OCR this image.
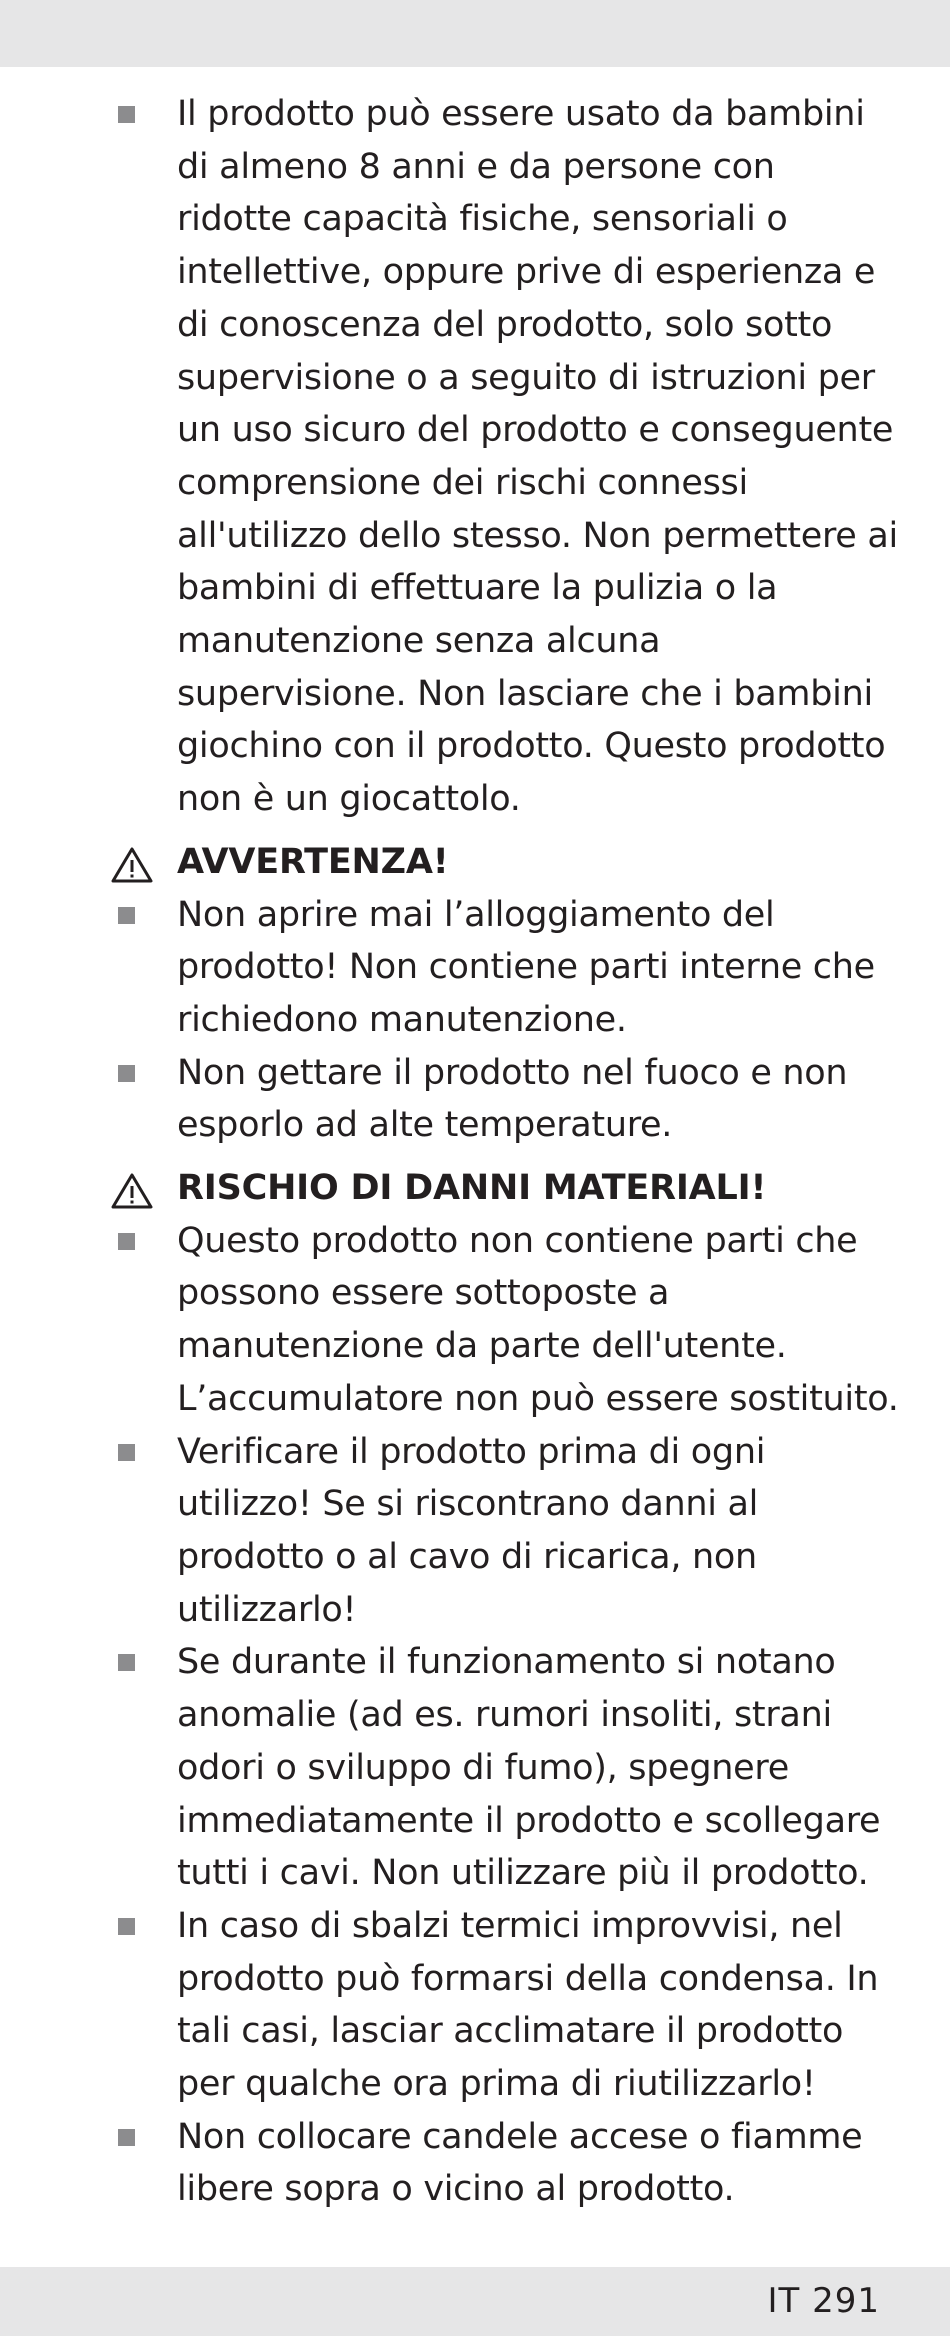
Il prodotto può essere usato da bambini di almeno 8 anni e da persone con ridotte capacità fisiche, sensoriali o intellettive, oppure prive di esperienza e di conoscenza del prodotto, solo sotto supervisione o a seguito di istruzioni per un uso sicuro del prodotto e conseguente comprensione dei rischi connessi all'utilizzo dello stesso. Non permettere ai bambini di effettuare la pulizia o la manutenzione senza alcuna supervisione. Non lasciare che i bambini giochino con il prodotto. Questo prodotto non è un giocattolo.
AVVERTENZA!
Non aprire mai l’alloggiamento del prodotto! Non contiene parti interne che richiedono manutenzione.
Non gettare il prodotto nel fuoco e non esporlo ad alte temperature.
RISCHIO DI DANNI MATERIALI!
Questo prodotto non contiene parti che possono essere sottoposte a manutenzione da parte dell'utente. L’accumulatore non può essere sostituito.
Verificare il prodotto prima di ogni utilizzo! Se si riscontrano danni al prodotto o al cavo di ricarica, non utilizzarlo!
Se durante il funzionamento si notano anomalie (ad es. rumori insoliti, strani odori o sviluppo di fumo), spegnere immediatamente il prodotto e scollegare tutti i cavi. Non utilizzare più il prodotto.
In caso di sbalzi termici improvvisi, nel prodotto può formarsi della condensa. In tali casi, lasciar acclimatare il prodotto per qualche ora prima di riutilizzarlo!
Non collocare candele accese o fiamme libere sopra o vicino al prodotto.
IT 291
